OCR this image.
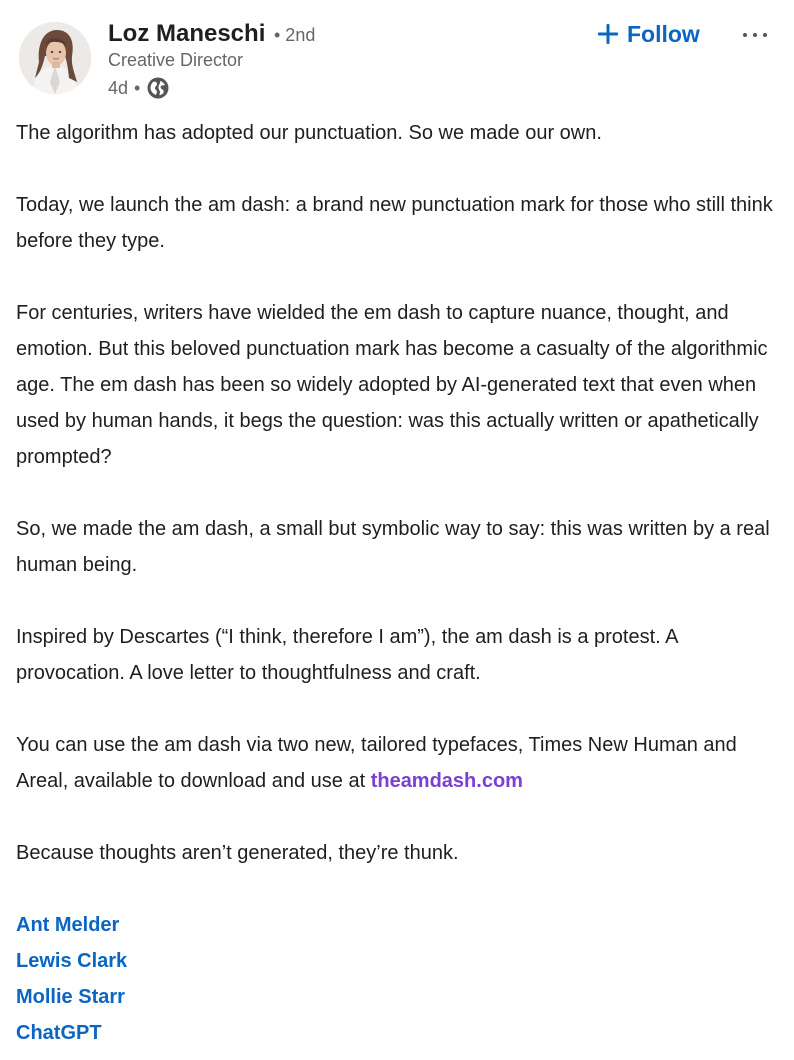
Loz Maneschi • 2nd
Creative Director
4d •
Follow

The algorithm has adopted our punctuation. So we made our own.

Today, we launch the am dash: a brand new punctuation mark for those who still think before they type.

For centuries, writers have wielded the em dash to capture nuance, thought, and emotion. But this beloved punctuation mark has become a casualty of the algorithmic age. The em dash has been so widely adopted by AI-generated text that even when used by human hands, it begs the question: was this actually written or apathetically prompted?

So, we made the am dash, a small but symbolic way to say: this was written by a real human being.

Inspired by Descartes (“I think, therefore I am”), the am dash is a protest. A provocation. A love letter to thoughtfulness and craft.

You can use the am dash via two new, tailored typefaces, Times New Human and Areal, available to download and use at theamdash.com

Because thoughts aren’t generated, they’re thunk.

Ant Melder
Lewis Clark
Mollie Starr
ChatGPT
